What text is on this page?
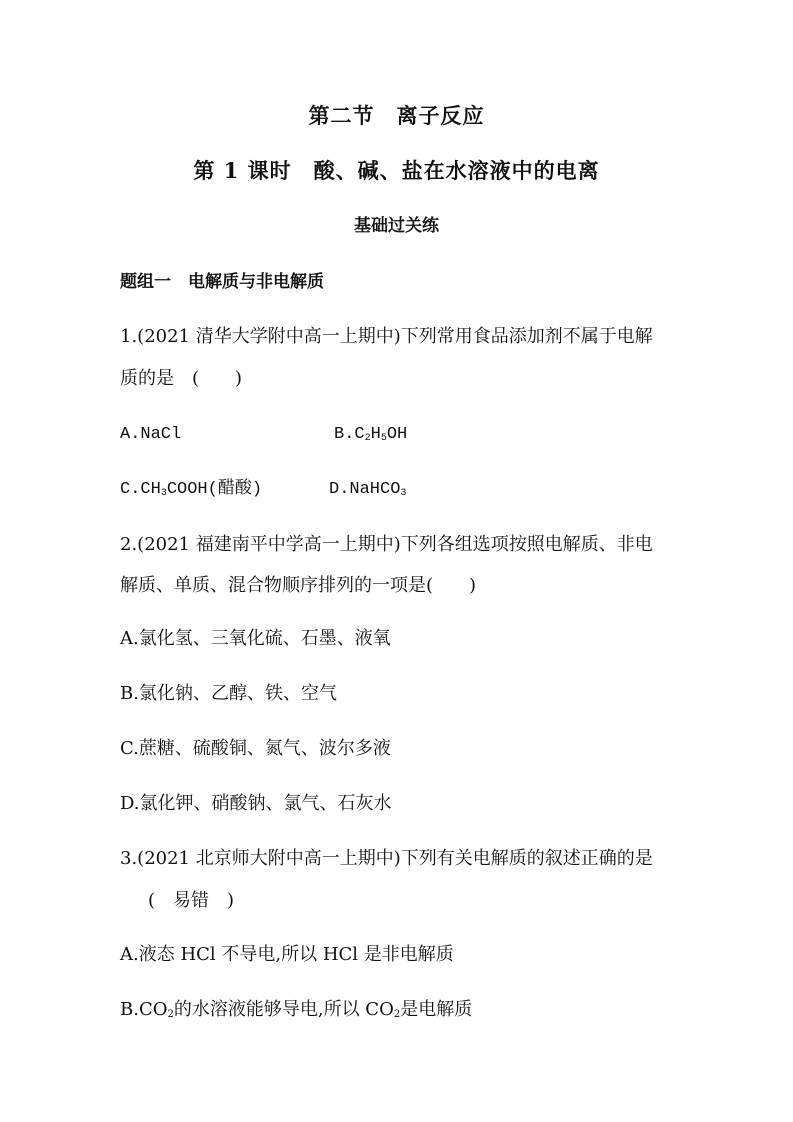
第二节　离子反应
第 1 课时　酸、碱、盐在水溶液中的电离
基础过关练
题组一　电解质与非电解质
1.(2021 清华大学附中高一上期中)下列常用食品添加剂不属于电解
质的是　(　　)
A.NaCl	$B.C_2H_5OH$
$C.CH_3COOH$(醋酸)	D.NaHCO$_3$
2.(2021 福建南平中学高一上期中)下列各组选项按照电解质、非电
解质、单质、混合物顺序排列的一项是(　　)
A.氯化氢、三氧化硫、石墨、液氧
B.氯化钠、乙醇、铁、空气
C.蔗糖、硫酸铜、氮气、波尔多液
D.氯化钾、硝酸钠、氯气、石灰水
3.(2021 北京师大附中高一上期中)下列有关电解质的叙述正确的是
(　易错　)
A.液态 HCl 不导电,所以 HCl 是非电解质
$B.CO_2$的水溶液能够导电,所以 $CO_2$是电解质
